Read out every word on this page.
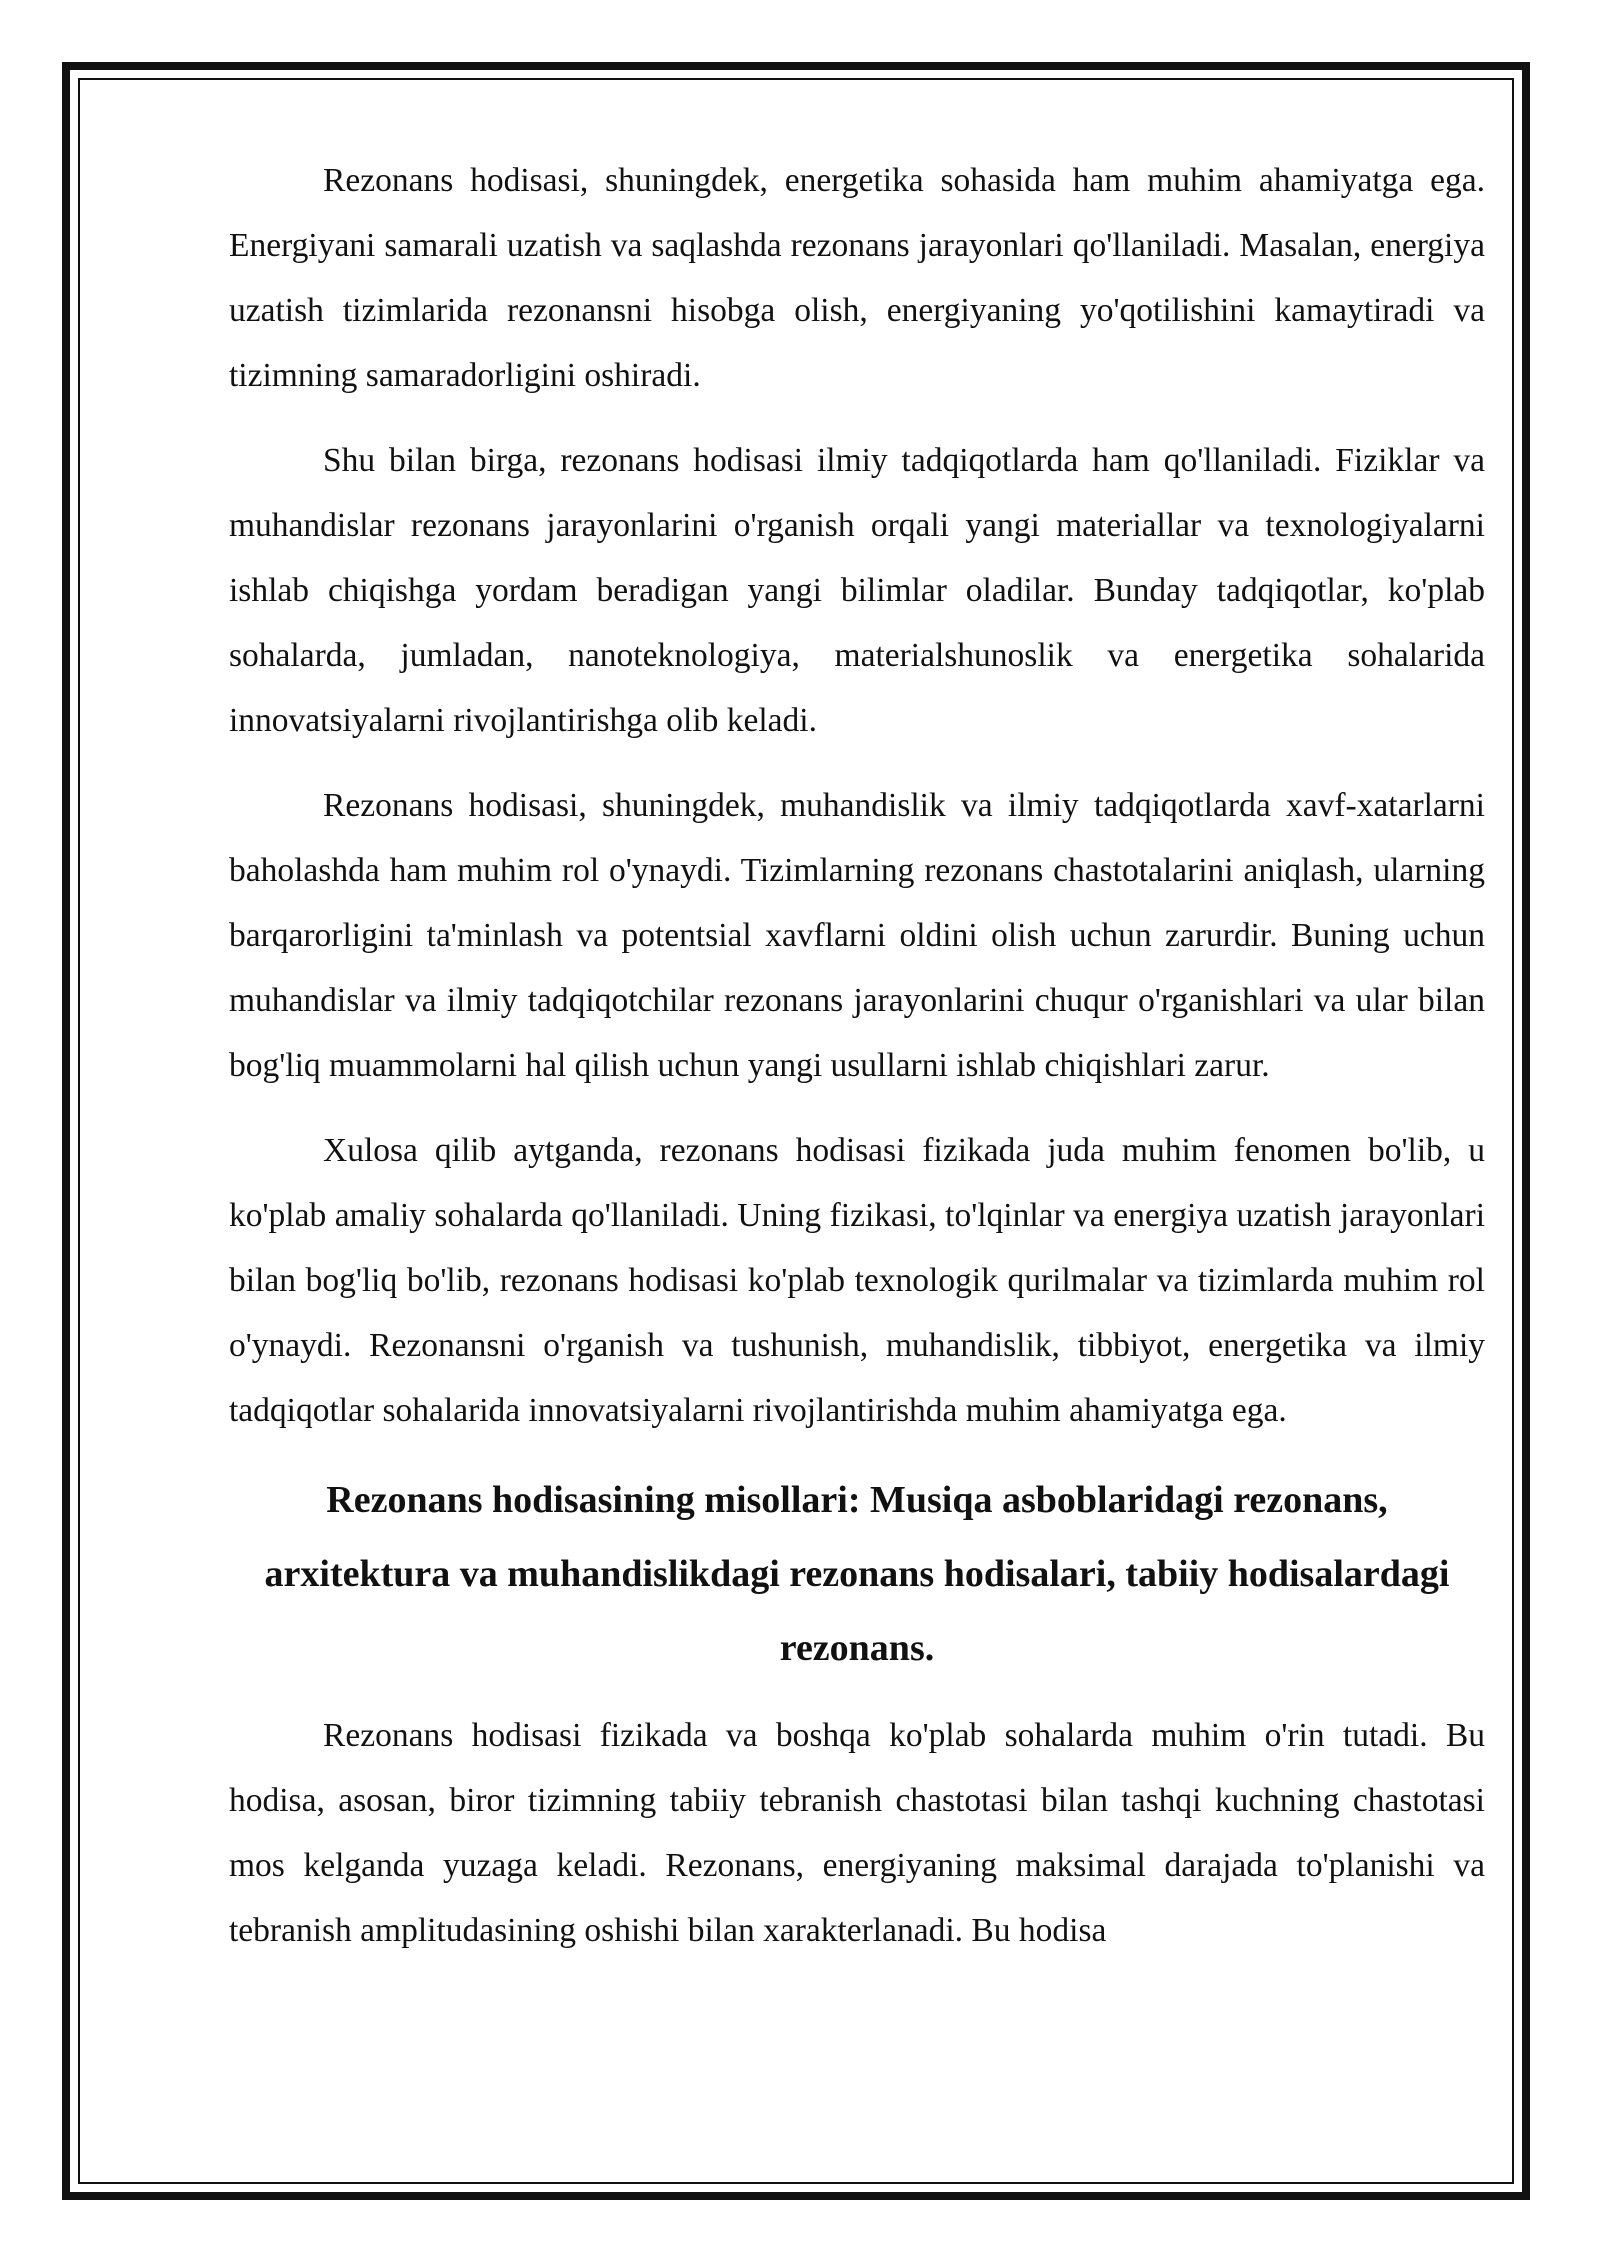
Rezonans hodisasi, shuningdek, energetika sohasida ham muhim ahamiyatga ega. Energiyani samarali uzatish va saqlashda rezonans jarayonlari qo'llaniladi. Masalan, energiya uzatish tizimlarida rezonansni hisobga olish, energiyaning yo'qotilishini kamaytiradi va tizimning samaradorligini oshiradi.

Shu bilan birga, rezonans hodisasi ilmiy tadqiqotlarda ham qo'llaniladi. Fiziklar va muhandislar rezonans jarayonlarini o'rganish orqali yangi materiallar va texnologiyalarni ishlab chiqishga yordam beradigan yangi bilimlar oladilar. Bunday tadqiqotlar, ko'plab sohalarda, jumladan, nanoteknologiya, materialshunoslik va energetika sohalarida innovatsiyalarni rivojlantirishga olib keladi.

Rezonans hodisasi, shuningdek, muhandislik va ilmiy tadqiqotlarda xavf-xatarlarni baholashda ham muhim rol o'ynaydi. Tizimlarning rezonans chastotalarini aniqlash, ularning barqarorligini ta'minlash va potentsial xavflarni oldini olish uchun zarurdir. Buning uchun muhandislar va ilmiy tadqiqotchilar rezonans jarayonlarini chuqur o'rganishlari va ular bilan bog'liq muammolarni hal qilish uchun yangi usullarni ishlab chiqishlari zarur.

Xulosa qilib aytganda, rezonans hodisasi fizikada juda muhim fenomen bo'lib, u ko'plab amaliy sohalarda qo'llaniladi. Uning fizikasi, to'lqinlar va energiya uzatish jarayonlari bilan bog'liq bo'lib, rezonans hodisasi ko'plab texnologik qurilmalar va tizimlarda muhim rol o'ynaydi. Rezonansni o'rganish va tushunish, muhandislik, tibbiyot, energetika va ilmiy tadqiqotlar sohalarida innovatsiyalarni rivojlantirishda muhim ahamiyatga ega.

Rezonans hodisasining misollari: Musiqa asboblaridagi rezonans, arxitektura va muhandislikdagi rezonans hodisalari, tabiiy hodisalardagi rezonans.

Rezonans hodisasi fizikada va boshqa ko'plab sohalarda muhim o'rin tutadi. Bu hodisa, asosan, biror tizimning tabiiy tebranish chastotasi bilan tashqi kuchning chastotasi mos kelganda yuzaga keladi. Rezonans, energiyaning maksimal darajada to'planishi va tebranish amplitudasining oshishi bilan xarakterlanadi. Bu hodisa
